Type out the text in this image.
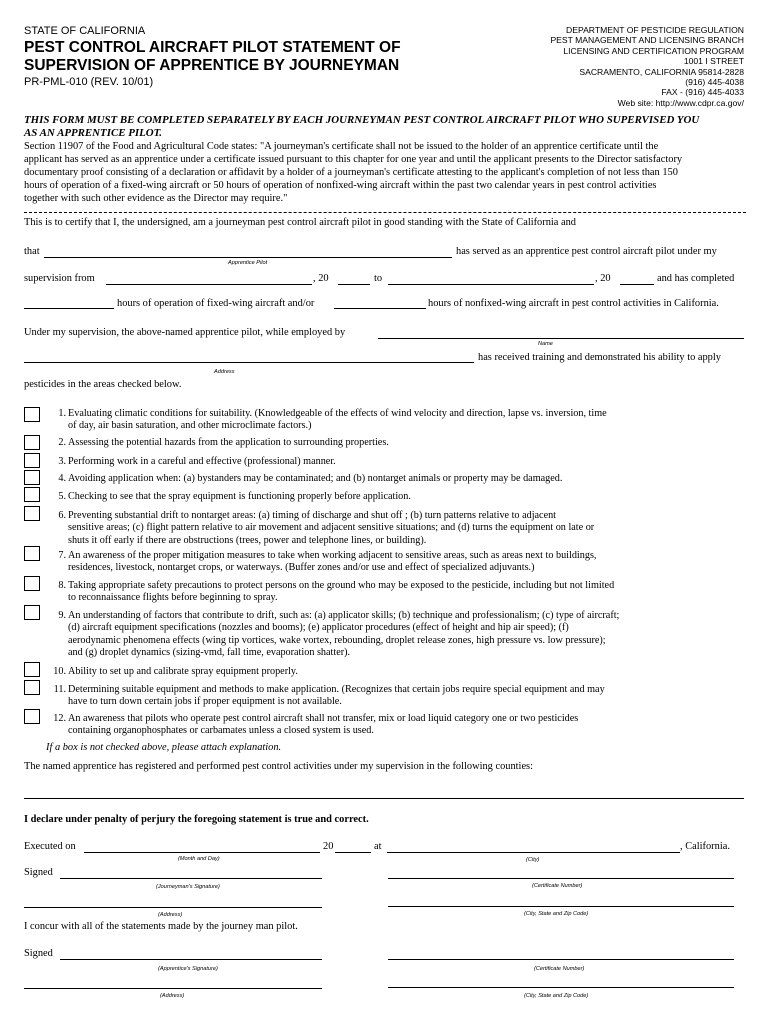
STATE OF CALIFORNIA
PEST CONTROL AIRCRAFT PILOT STATEMENT OF
SUPERVISION OF APPRENTICE BY JOURNEYMAN
PR-PML-010 (REV. 10/01)
DEPARTMENT OF PESTICIDE REGULATION
PEST MANAGEMENT AND LICENSING BRANCH
LICENSING AND CERTIFICATION PROGRAM
1001 I STREET
SACRAMENTO, CALIFORNIA 95814-2828
(916) 445-4038
FAX - (916) 445-4033
Web site: http://www.cdpr.ca.gov/
THIS FORM MUST BE COMPLETED SEPARATELY BY EACH JOURNEYMAN PEST CONTROL AIRCRAFT PILOT WHO SUPERVISED YOU
AS AN APPRENTICE PILOT.
Section 11907 of the Food and Agricultural Code states: "A journeyman's certificate shall not be issued to the holder of an apprentice certificate until the
applicant has served as an apprentice under a certificate issued pursuant to this chapter for one year and until the applicant presents to the Director satisfactory
documentary proof consisting of a declaration or affidavit by a holder of a journeyman's certificate attesting to the applicant's completion of not less than 150
hours of operation of a fixed-wing aircraft or 50 hours of operation of nonfixed-wing aircraft within the past two calendar years in pest control activities
together with such other evidence as the Director may require."
This is to certify that I, the undersigned, am a journeyman pest control aircraft pilot in good standing with the State of California and
that	has served as an apprentice pest control aircraft pilot under my
Apprentice Pilot
supervision from	, 20	to	, 20	and has completed
hours of operation of fixed-wing aircraft and/or	hours of nonfixed-wing aircraft in pest control activities in California.
Under my supervision, the above-named apprentice pilot, while employed by
Name
has received training and demonstrated his ability to apply
Address
pesticides in the areas checked below.
1. Evaluating climatic conditions for suitability. (Knowledgeable of the effects of wind velocity and direction, lapse vs. inversion, time
of day, air basin saturation, and other microclimate factors.)
2. Assessing the potential hazards from the application to surrounding properties.
3. Performing work in a careful and effective (professional) manner.
4. Avoiding application when: (a) bystanders may be contaminated; and (b) nontarget animals or property may be damaged.
5. Checking to see that the spray equipment is functioning properly before application.
6. Preventing substantial drift to nontarget areas: (a) timing of discharge and shut off ; (b) turn patterns relative to adjacent
sensitive areas; (c) flight pattern relative to air movement and adjacent sensitive situations; and (d) turns the equipment on late or
shuts it off early if there are obstructions (trees, power and telephone lines, or building).
7. An awareness of the proper mitigation measures to take when working adjacent to sensitive areas, such as areas next to buildings,
residences, livestock, nontarget crops, or waterways. (Buffer zones and/or use and effect of specialized adjuvants.)
8. Taking appropriate safety precautions to protect persons on the ground who may be exposed to the pesticide, including but not limited
to reconnaissance flights before beginning to spray.
9. An understanding of factors that contribute to drift, such as: (a) applicator skills; (b) technique and professionalism; (c) type of aircraft;
(d) aircraft equipment specifications (nozzles and booms); (e) applicator procedures (effect of height and hip air speed); (f)
aerodynamic phenomena effects (wing tip vortices, wake vortex, rebounding, droplet release zones, high pressure vs. low pressure);
and (g) droplet dynamics (sizing-vmd, fall time, evaporation shatter).
10. Ability to set up and calibrate spray equipment properly.
11. Determining suitable equipment and methods to make application. (Recognizes that certain jobs require special equipment and may
have to turn down certain jobs if proper equipment is not available.
12. An awareness that pilots who operate pest control aircraft shall not transfer, mix or load liquid category one or two pesticides
containing organophosphates or carbamates unless a closed system is used.
If a box is not checked above, please attach explanation.
The named apprentice has registered and performed pest control activities under my supervision in the following counties:
I declare under penalty of perjury the foregoing statement is true and correct.
Executed on	20	at	, California.
(Month and Day)	(City)
Signed
(Journeyman's Signature)	(Certificate Number)
(Address)	(City, State and Zip Code)
I concur with all of the statements made by the journey man pilot.
Signed
(Apprentice's Signature)	(Certificate Number)
(Address)	(City, State and Zip Code)
